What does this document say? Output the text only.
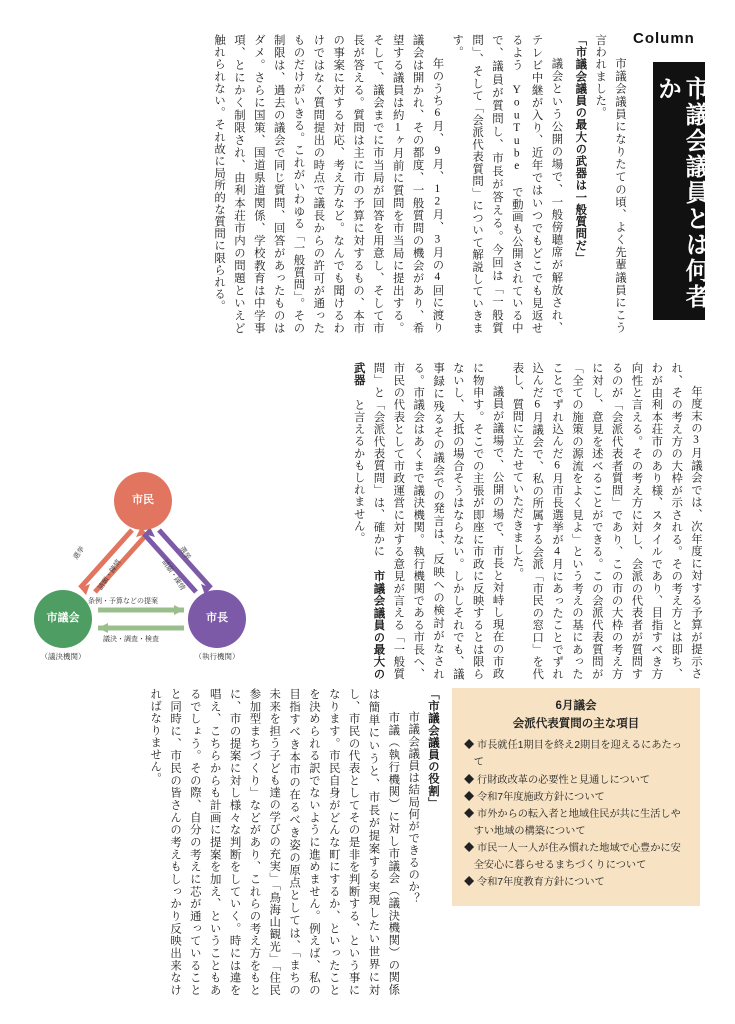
Column
市議会議員とは何者か

　市議会議員になりたての頃、よく先輩議員にこう言われました。

「市議会議員の最大の武器は一般質問だ」

　議会という公開の場で、一般傍聴席が解放され、テレビ中継が入り、近年ではいつでもどこでも見返せるよう YouTube で動画も公開されている中で、議員が質問し、市長が答える。今回は「一般質問」、そして「会派代表質問」について解説していきます。

　年のうち6月、9月、12月、3月の4回に渡り議会は開かれ、その都度、一般質問の機会があり、希望する議員は約1ヶ月前に質問を市当局に提出する。そして、議会までに市当局が回答を用意し、そして市長が答える。質問は主に市の予算に対するもの、本市の事案に対する対応、考え方など。なんでも聞けるわけではなく質問提出の時点で議長からの許可が通ったものだけがいきる。これがいわゆる「一般質問」。その制限は、過去の議会で同じ質問、回答があったものはダメ。さらに国策、国道県道関係、学校教育は中学事項、とにかく制限され、由利本荘市内の問題といえど触れられない。それ故に局所的な質問に限られる。

　年度末の3月議会では、次年度に対する予算が提示され、その考え方の大枠が示される。その考え方とは即ち、わが由利本荘市のあり様、スタイルであり、目指すべき方向性と言える。その考え方に対し、会派の代表者が質問するのが「会派代表者質問」であり、この市の大枠の考え方に対し、意見を述べることができる。この会派代表質問が「全ての施策の源流をよく見よ」という考えの基にあったことでずれ込んだ6月市長選挙が4月にあったことでずれ込んだ6月議会で、私の所属する会派「市民の窓口」を代表し、質問に立たせていただきました。

　議員が議場で、公開の場で、市長と対峙し現在の市政に物申す。そこでの主張が即座に市政に反映するとは限らないし、大抵の場合そうはならない。しかしそれでも、議事録に残るその議会での発言は、反映への検討がなされる。市議会はあくまで議決機関。執行機関である市長へ、市民の代表として市政運営に対する意見が言える「一般質問」と「会派代表質問」は、確かに 市議会議員の最大の武器 と言えるかもしれません。

市民
市議会	市長
（議決機関）	（執行機関）
選挙
請願・陳情
選挙
請願・陳情
条例・予算などの提案
議決・調査・検査

「市議会議員の役割」

　市議会議員は結局何ができるのか？

　市議（執行機関）に対し市議会（議決機関）の関係は簡単にいうと、市長が提案する実現したい世界に対し、市民の代表としてその是非を判断する、という事になります。市民自身がどんな町にするか、といったことを決められる訳でないように進めません。例えば、私の目指すべき本市の在るべき姿の原点としては、「まちの未来を担う子ども達の学びの充実」「鳥海山観光」「住民参加型まちづくり」などがあり、これらの考え方をもとに、市の提案に対し様々な判断をしていく。時には違を唱え、こちらからも計画に提案を加え、ということもあるでしょう。その際、自分の考えに芯が通っていることと同時に、市民の皆さんの考えもしっかり反映出来なければなりません。	6月議会
会派代表質問の主な項目
◆ 市長就任1期目を終え2期目を迎えるにあたって
◆ 行財政改革の必要性と見通しについて
◆ 令和7年度施政方針について
◆ 市外からの転入者と地域住民が共に生活しやすい地域の構築について
◆ 市民一人一人が住み慣れた地域で心豊かに安全安心に暮らせるまちづくりについて
◆ 令和7年度教育方針について
